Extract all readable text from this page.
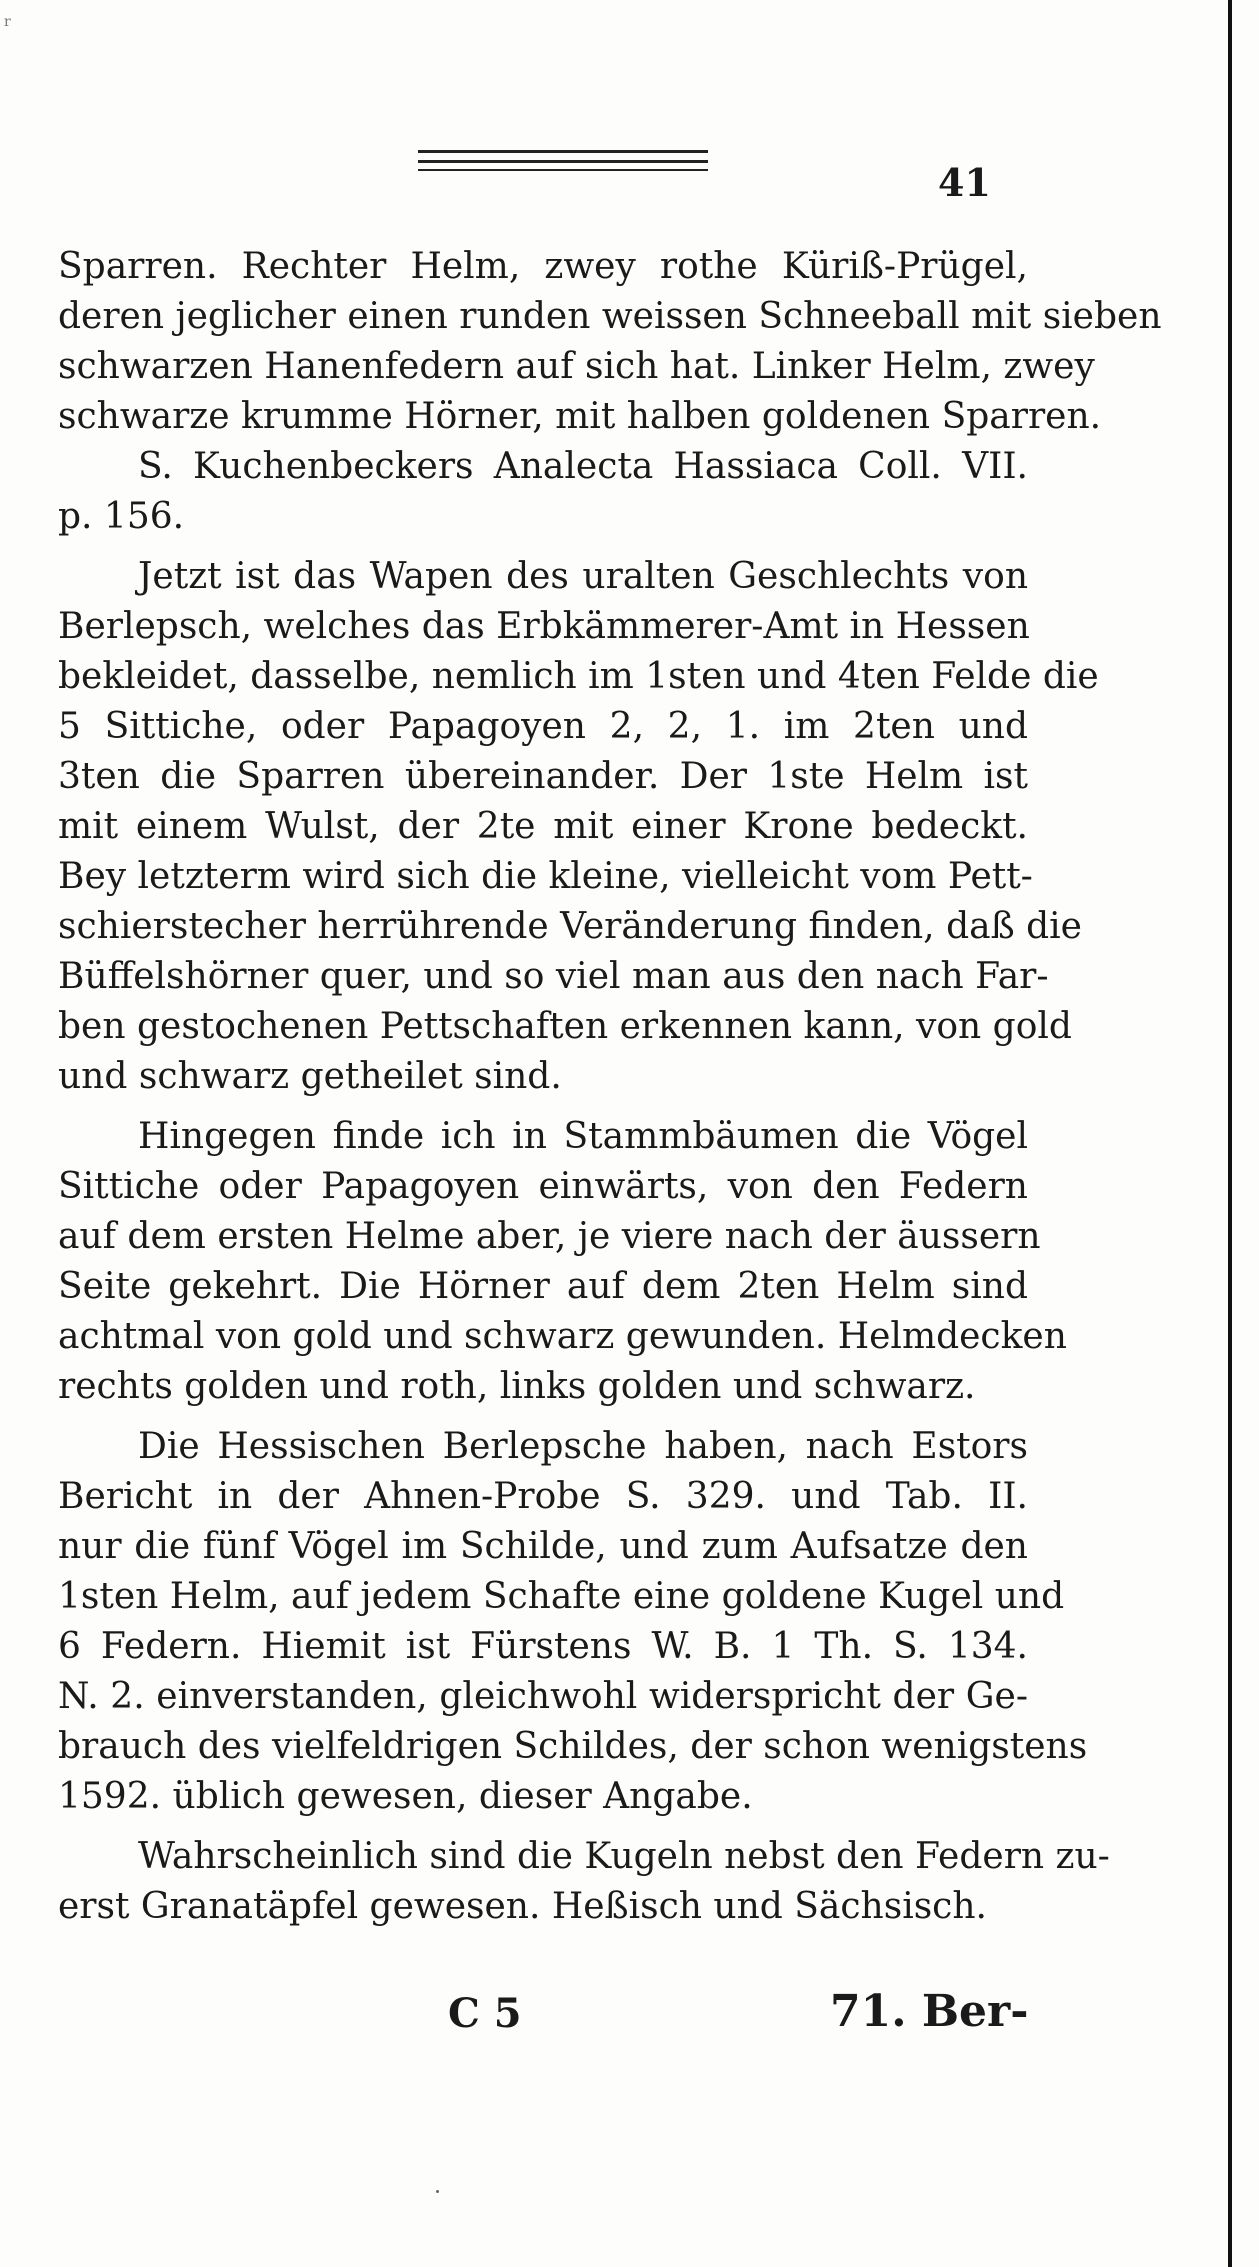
r
41
Sparren. Rechter Helm, zwey rothe Küriß-Prügel,
deren jeglicher einen runden weissen Schneeball mit sieben
schwarzen Hanenfedern auf sich hat. Linker Helm, zwey
schwarze krumme Hörner, mit halben goldenen Sparren.
S. Kuchenbeckers Analecta Hassiaca Coll. VII.
p. 156.
Jetzt ist das Wapen des uralten Geschlechts von
Berlepsch, welches das Erbkämmerer-Amt in Hessen
bekleidet, dasselbe, nemlich im 1sten und 4ten Felde die
5 Sittiche, oder Papagoyen 2, 2, 1. im 2ten und
3ten die Sparren übereinander. Der 1ste Helm ist
mit einem Wulst, der 2te mit einer Krone bedeckt.
Bey letzterm wird sich die kleine, vielleicht vom Pett-
schierstecher herrührende Veränderung finden, daß die
Büffelshörner quer, und so viel man aus den nach Far-
ben gestochenen Pettschaften erkennen kann, von gold
und schwarz getheilet sind.
Hingegen finde ich in Stammbäumen die Vögel
Sittiche oder Papagoyen einwärts, von den Federn
auf dem ersten Helme aber, je viere nach der äussern
Seite gekehrt. Die Hörner auf dem 2ten Helm sind
achtmal von gold und schwarz gewunden. Helmdecken
rechts golden und roth, links golden und schwarz.
Die Hessischen Berlepsche haben, nach Estors
Bericht in der Ahnen-Probe S. 329. und Tab. II.
nur die fünf Vögel im Schilde, und zum Aufsatze den
1sten Helm, auf jedem Schafte eine goldene Kugel und
6 Federn. Hiemit ist Fürstens W. B. 1 Th. S. 134.
N. 2. einverstanden, gleichwohl widerspricht der Ge-
brauch des vielfeldrigen Schildes, der schon wenigstens
1592. üblich gewesen, dieser Angabe.
Wahrscheinlich sind die Kugeln nebst den Federn zu-
erst Granatäpfel gewesen. Heßisch und Sächsisch.
C 5	71. Ber-
